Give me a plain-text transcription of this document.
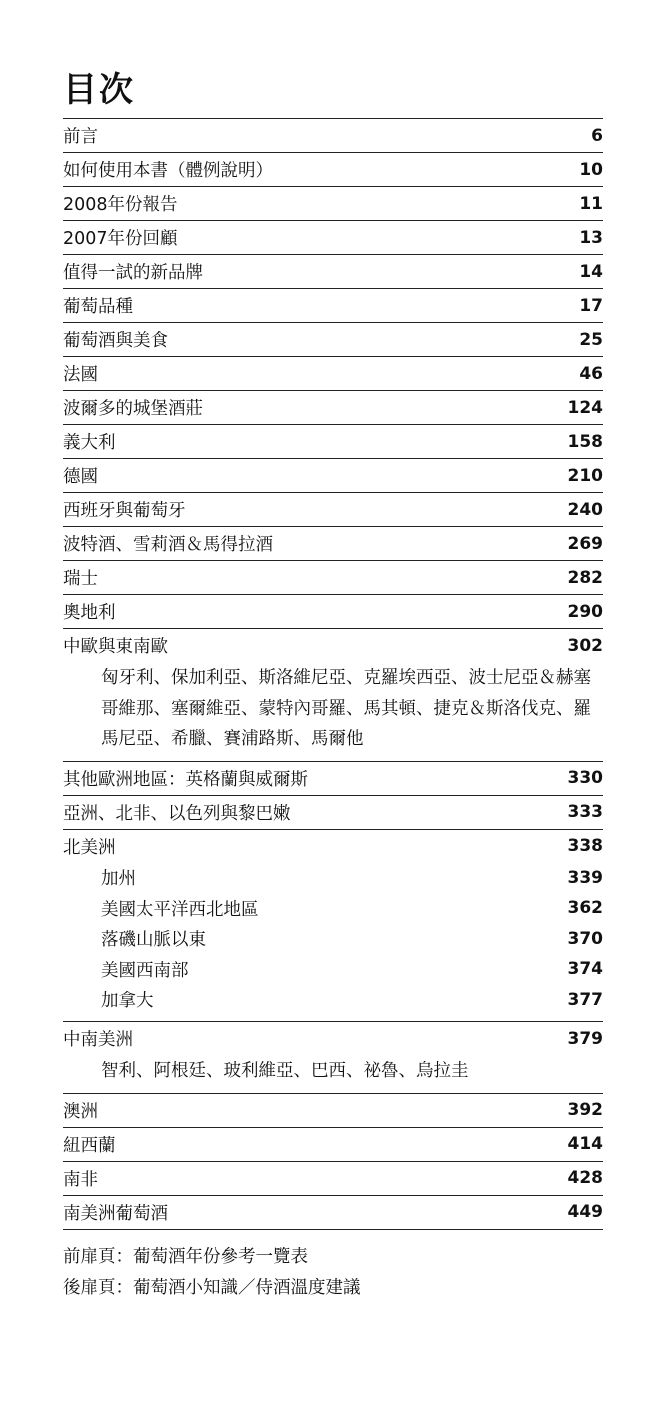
目次
前言	6
如何使用本書（體例說明）	10
2008年份報告	11
2007年份回顧	13
值得一試的新品牌	14
葡萄品種	17
葡萄酒與美食	25
法國	46
波爾多的城堡酒莊	124
義大利	158
德國	210
西班牙與葡萄牙	240
波特酒、雪莉酒＆馬得拉酒	269
瑞士	282
奧地利	290
中歐與東南歐	302
匈牙利、保加利亞、斯洛維尼亞、克羅埃西亞、波士尼亞＆赫塞哥維那、塞爾維亞、蒙特內哥羅、馬其頓、捷克＆斯洛伐克、羅馬尼亞、希臘、賽浦路斯、馬爾他
其他歐洲地區：英格蘭與威爾斯	330
亞洲、北非、以色列與黎巴嫩	333
北美洲	338
加州	339
美國太平洋西北地區	362
落磯山脈以東	370
美國西南部	374
加拿大	377
中南美洲	379
智利、阿根廷、玻利維亞、巴西、祕魯、烏拉圭
澳洲	392
紐西蘭	414
南非	428
南美洲葡萄酒	449
前扉頁：葡萄酒年份參考一覽表
後扉頁：葡萄酒小知識／侍酒溫度建議
